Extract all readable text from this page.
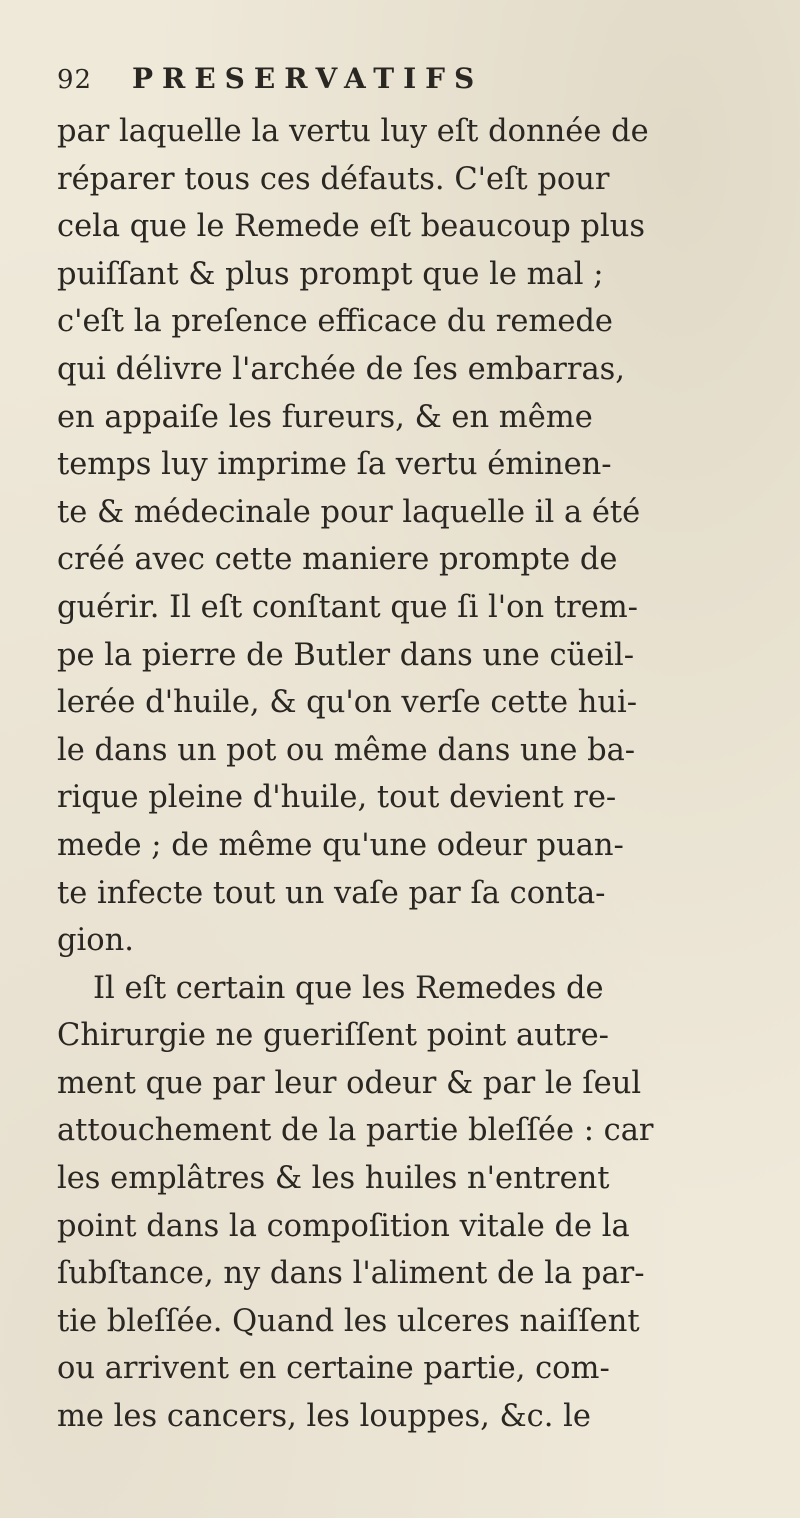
92	PRESERVATIFS
par laquelle la vertu luy eſt donnée de
réparer tous ces défauts. C'eſt pour
cela que le Remede eſt beaucoup plus
puiſſant & plus prompt que le mal ;
c'eſt la preſence efficace du remede
qui délivre l'archée de ſes embarras,
en appaiſe les fureurs, & en même
temps luy imprime ſa vertu éminen-
te & médecinale pour laquelle il a été
créé avec cette maniere prompte de
guérir. Il eſt conſtant que ſi l'on trem-
pe la pierre de Butler dans une cüeil-
lerée d'huile, & qu'on verſe cette hui-
le dans un pot ou même dans une ba-
rique pleine d'huile, tout devient re-
mede ; de même qu'une odeur puan-
te infecte tout un vaſe par ſa conta-
gion.
Il eſt certain que les Remedes de
Chirurgie ne gueriſſent point autre-
ment que par leur odeur & par le ſeul
attouchement de la partie bleſſée : car
les emplâtres & les huiles n'entrent
point dans la compoſition vitale de la
ſubſtance, ny dans l'aliment de la par-
tie bleſſée. Quand les ulceres naiſſent
ou arrivent en certaine partie, com-
me les cancers, les louppes, &c. le
